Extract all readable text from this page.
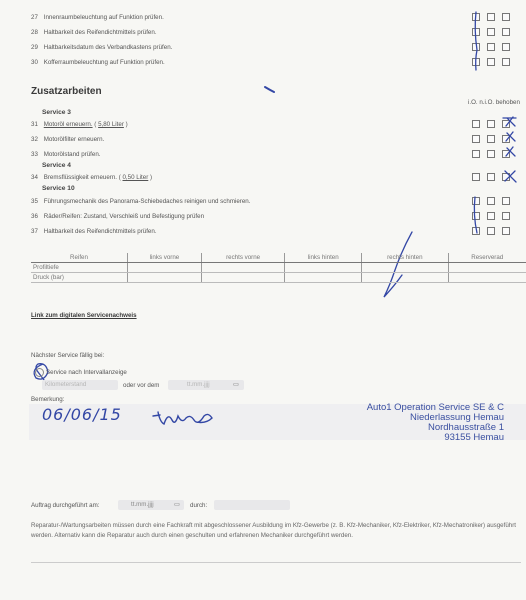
27 Innenraumbeleuchtung auf Funktion prüfen.
28 Haltbarkeit des Reifendichtmittels prüfen.
29 Haltbarkeitsdatum des Verbandkastens prüfen.
30 Kofferraumbeleuchtung auf Funktion prüfen.
Zusatzarbeiten
i.O. n.i.O. behoben
Service 3
31 Motoröl erneuern. ( 5,80 Liter )
32 Motorölfilter erneuern.
33 Motorölstand prüfen.
Service 4
34 Bremsflüssigkeit erneuern. ( 0,50 Liter )
Service 10
35 Führungsmechanik des Panorama-Schiebedaches reinigen und schmieren.
36 Räder/Reifen: Zustand, Verschleiß und Befestigung prüfen
37 Haltbarkeit des Reifendichtmittels prüfen.
Reifen	links vorne	rechts vorne	links hinten	rechts hinten	Reserverad
Profiltiefe					
Druck (bar)					
Link zum digitalen Servicenachweis
Nächster Service fällig bei:
Service nach Intervallanzeige
Kilometerstand	oder vor dem	tt.mm.jjjj	▭
Bemerkung:
06/06/15	Auto1 Operation Service SE & C
Niederlassung Hemau
Nordhausstraße 1
93155 Hemau
Auftrag durchgeführt am:	tt.mm.jjjj	▭ durch:
Reparatur-/Wartungsarbeiten müssen durch eine Fachkraft mit abgeschlossener Ausbildung im Kfz-Gewerbe (z. B. Kfz-Mechaniker, Kfz-Elektriker, Kfz-Mechatroniker) ausgeführt werden. Alternativ kann die Reparatur auch durch einen geschulten und erfahrenen Mechaniker durchgeführt werden.
